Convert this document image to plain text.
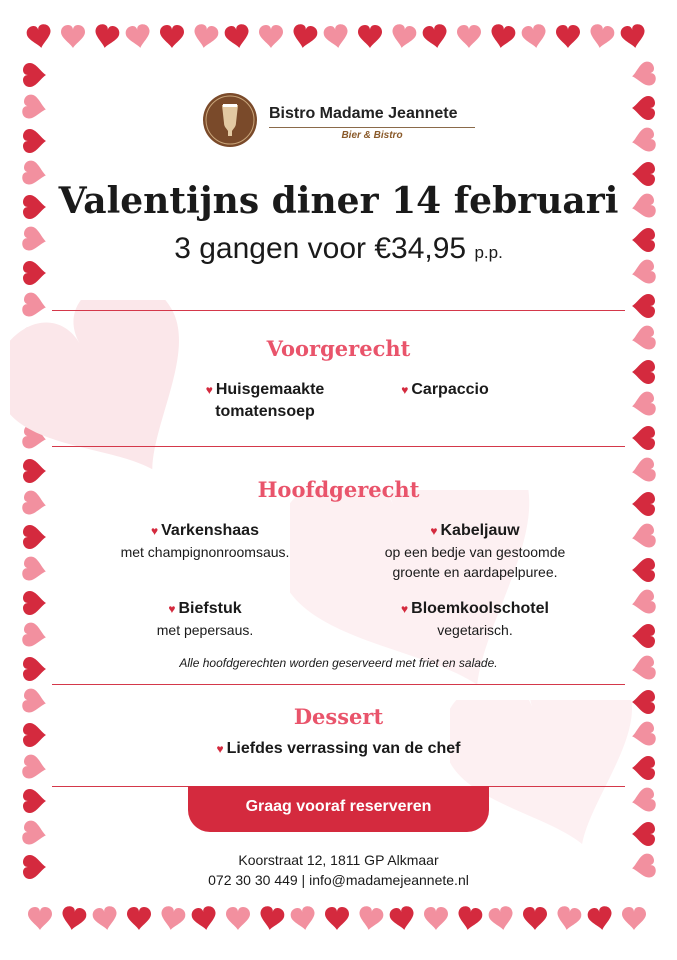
Bistro Madame Jeannete
Bier & Bistro
Valentijns diner 14 februari
3 gangen voor €34,95 p.p.
Voorgerecht
♥ Huisgemaakte tomatensoep
♥ Carpaccio
Hoofdgerecht
♥ Varkenshaas
met champignonroomsaus.
♥ Kabeljauw
op een bedje van gestoomde groente en aardapelpuree.
♥ Biefstuk
met pepersaus.
♥ Bloemkoolschotel
vegetarisch.
Alle hoofdgerechten worden geserveerd met friet en salade.
Dessert
♥ Liefdes verrassing van de chef
Graag vooraf reserveren
Koorstraat 12, 1811 GP Alkmaar
072 30 30 449 | info@madamejeannete.nl
